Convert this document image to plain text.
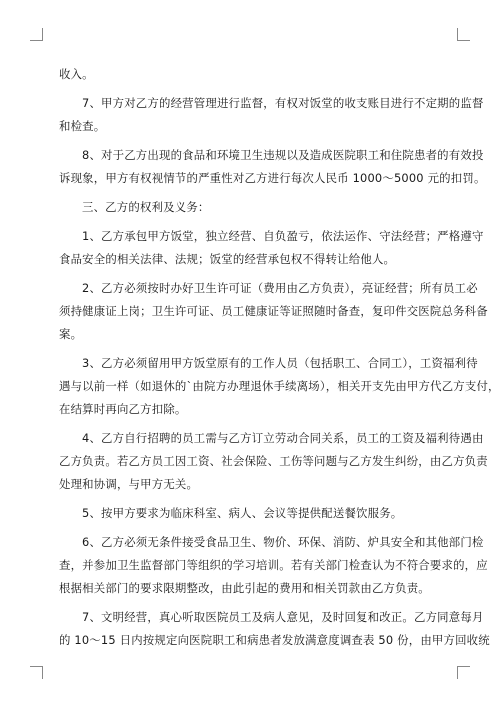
收入。

7、甲方对乙方的经营管理进行监督，有权对饭堂的收支账目进行不定期的监督
和检查。

8、对于乙方出现的食品和环境卫生违规以及造成医院职工和住院患者的有效投
诉现象，甲方有权视情节的严重性对乙方进行每次人民币 1000～5000 元的扣罚。

三、乙方的权利及义务：

1、乙方承包甲方饭堂，独立经营、自负盈亏，依法运作、守法经营；严格遵守
食品安全的相关法律、法规；饭堂的经营承包权不得转让给他人。

2、乙方必须按时办好卫生许可证（费用由乙方负责），亮证经营；所有员工必
须持健康证上岗；卫生许可证、员工健康证等证照随时备查，复印件交医院总务科备
案。

3、乙方必须留用甲方饭堂原有的工作人员（包括职工、合同工），工资福利待
遇与以前一样（如退休的`由院方办理退休手续离场），相关开支先由甲方代乙方支付，
在结算时再向乙方扣除。

4、乙方自行招聘的员工需与乙方订立劳动合同关系，员工的工资及福利待遇由
乙方负责。若乙方员工因工资、社会保险、工伤等问题与乙方发生纠纷，由乙方负责
处理和协调，与甲方无关。

5、按甲方要求为临床科室、病人、会议等提供配送餐饮服务。

6、乙方必须无条件接受食品卫生、物价、环保、消防、炉具安全和其他部门检
查，并参加卫生监督部门等组织的学习培训。若有关部门检查认为不符合要求的，应
根据相关部门的要求限期整改，由此引起的费用和相关罚款由乙方负责。

7、文明经营，真心听取医院员工及病人意见，及时回复和改正。乙方同意每月
的 10～15 日内按规定向医院职工和病患者发放满意度调查表 50 份，由甲方回收统
